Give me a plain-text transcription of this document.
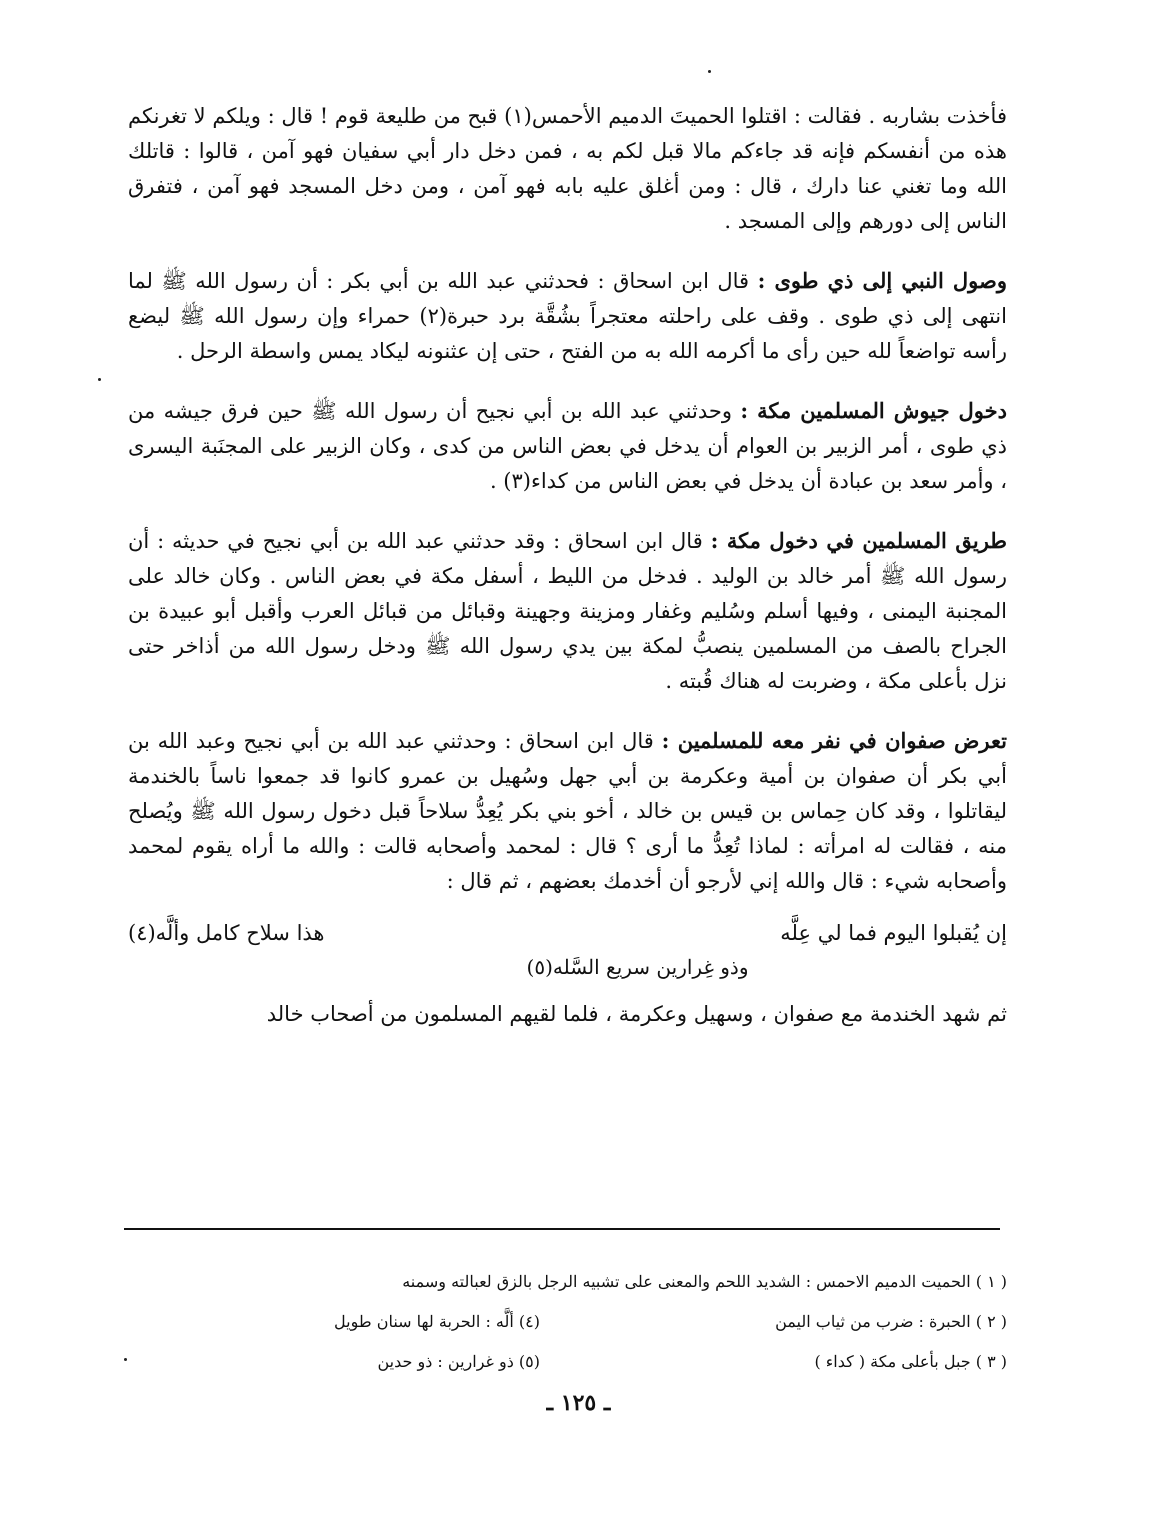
فأخذت بشاربه . فقالت : اقتلوا الحميتَ الدميم الأحمس(١) قبح من طليعة قوم ! قال : ويلكم لا تغرنكم هذه من أنفسكم فإنه قد جاءكم مالا قبل لكم به ، فمن دخل دار أبي سفيان فهو آمن ، قالوا : قاتلك الله وما تغني عنا دارك ، قال : ومن أغلق عليه بابه فهو آمن ، ومن دخل المسجد فهو آمن ، فتفرق الناس إلى دورهم وإلى المسجد .

وصول النبي إلى ذي طوى : قال ابن اسحاق : فحدثني عبد الله بن أبي بكر : أن رسول الله ﷺ لما انتهى إلى ذي طوى . وقف على راحلته معتجراً بشُقَّة برد حبرة(٢) حمراء وإن رسول الله ﷺ ليضع رأسه تواضعاً لله حين رأى ما أكرمه الله به من الفتح ، حتى إن عثنونه ليكاد يمس واسطة الرحل .

دخول جيوش المسلمين مكة : وحدثني عبد الله بن أبي نجيح أن رسول الله ﷺ حين فرق جيشه من ذي طوى ، أمر الزبير بن العوام أن يدخل في بعض الناس من كدى ، وكان الزبير على المجنَبة اليسرى ، وأمر سعد بن عبادة أن يدخل في بعض الناس من كداء(٣) .

طريق المسلمين في دخول مكة : قال ابن اسحاق : وقد حدثني عبد الله بن أبي نجيح في حديثه : أن رسول الله ﷺ أمر خالد بن الوليد . فدخل من الليط ، أسفل مكة في بعض الناس . وكان خالد على المجنبة اليمنى ، وفيها أسلم وسُليم وغفار ومزينة وجهينة وقبائل من قبائل العرب وأقبل أبو عبيدة بن الجراح بالصف من المسلمين ينصبُّ لمكة بين يدي رسول الله ﷺ ودخل رسول الله من أذاخر حتى نزل بأعلى مكة ، وضربت له هناك قُبته .

تعرض صفوان في نفر معه للمسلمين : قال ابن اسحاق : وحدثني عبد الله بن أبي نجيح وعبد الله بن أبي بكر أن صفوان بن أمية وعكرمة بن أبي جهل وسُهيل بن عمرو كانوا قد جمعوا ناساً بالخندمة ليقاتلوا ، وقد كان حِماس بن قيس بن خالد ، أخو بني بكر يُعِدُّ سلاحاً قبل دخول رسول الله ﷺ ويُصلح منه ، فقالت له امرأته : لماذا تُعِدُّ ما أرى ؟ قال : لمحمد وأصحابه قالت : والله ما أراه يقوم لمحمد وأصحابه شيء : قال والله إني لأرجو أن أخدمك بعضهم ، ثم قال :

إن يُقبلوا اليوم فما لي عِلَّه
هذا سلاح كامل وألَّه(٤)
وذو غِرارين سريع السَّله(٥)

ثم شهد الخندمة مع صفوان ، وسهيل وعكرمة ، فلما لقيهم المسلمون من أصحاب خالد

( ١ ) الحميت الدميم الاحمس : الشديد اللحم والمعنى على تشبيه الرجل بالزق لعبالته وسمنه
( ٢ ) الحبرة : ضرب من ثياب اليمن
(٤) ألَّه : الحربة لها سنان طويل
( ٣ ) جبل بأعلى مكة ( كداء )
(٥) ذو غرارين : ذو حدين
ـ ١٢٥ ـ
